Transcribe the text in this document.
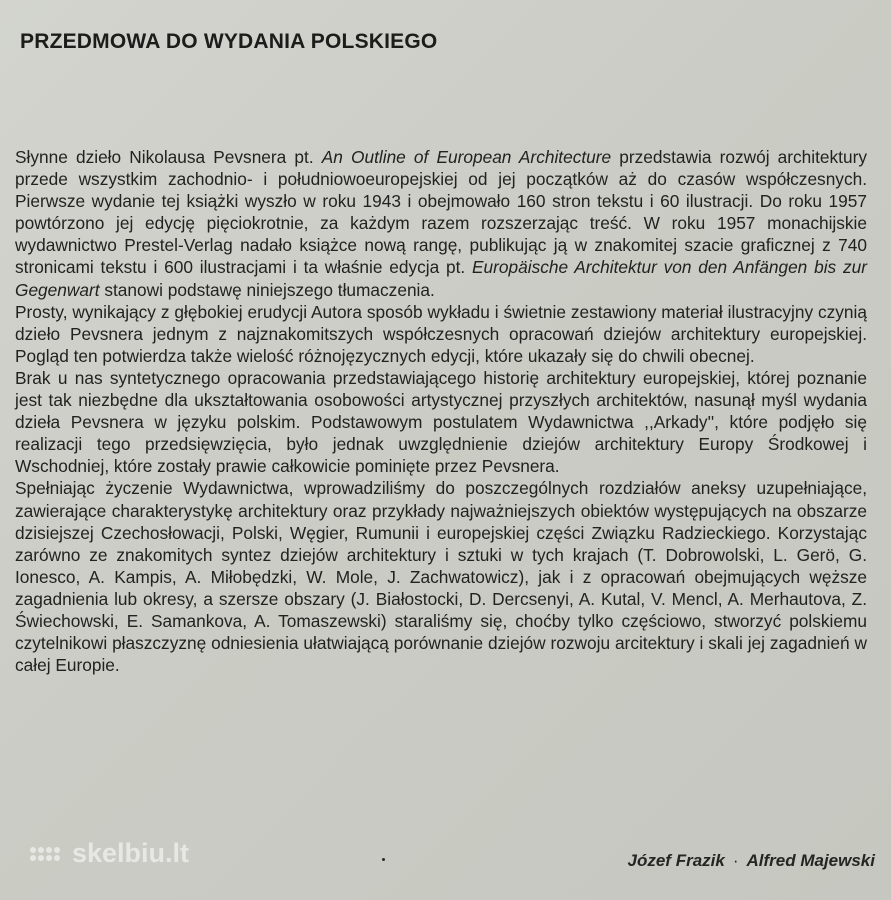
PRZEDMOWA DO WYDANIA POLSKIEGO

Słynne dzieło Nikolausa Pevsnera pt. An Outline of European Architecture przedstawia rozwój architektury przede wszystkim zachodnio- i południowoeuropejskiej od jej początków aż do czasów współczesnych. Pierwsze wydanie tej książki wyszło w roku 1943 i obejmowało 160 stron tekstu i 60 ilustracji. Do roku 1957 powtórzono jej edycję pięciokrotnie, za każdym razem rozszerzając treść. W roku 1957 monachijskie wydawnictwo Prestel-Verlag nadało książce nową rangę, publikując ją w znakomitej szacie graficznej z 740 stronicami tekstu i 600 ilustracjami i ta właśnie edycja pt. Europäische Architektur von den Anfängen bis zur Gegenwart stanowi podstawę niniejszego tłumaczenia.

Prosty, wynikający z głębokiej erudycji Autora sposób wykładu i świetnie zestawiony materiał ilustracyjny czynią dzieło Pevsnera jednym z najznakomitszych współczesnych opracowań dziejów architektury europejskiej. Pogląd ten potwierdza także wielość różnojęzycznych edycji, które ukazały się do chwili obecnej.

Brak u nas syntetycznego opracowania przedstawiającego historię architektury europejskiej, której poznanie jest tak niezbędne dla ukształtowania osobowości artystycznej przyszłych architektów, nasunął myśl wydania dzieła Pevsnera w języku polskim. Podstawowym postulatem Wydawnictwa ,,Arkady'', które podjęło się realizacji tego przedsięwzięcia, było jednak uwzględnienie dziejów architektury Europy Środkowej i Wschodniej, które zostały prawie całkowicie pominięte przez Pevsnera.

Spełniając życzenie Wydawnictwa, wprowadziliśmy do poszczególnych rozdziałów aneksy uzupełniające, zawierające charakterystykę architektury oraz przykłady najważniejszych obiektów występujących na obszarze dzisiejszej Czechosłowacji, Polski, Węgier, Rumunii i europejskiej części Związku Radzieckiego. Korzystając zarówno ze znakomitych syntez dziejów architektury i sztuki w tych krajach (T. Dobrowolski, L. Gerö, G. Ionesco, A. Kampis, A. Miłobędzki, W. Mole, J. Zachwatowicz), jak i z opracowań obejmujących węższe zagadnienia lub okresy, a szersze obszary (J. Białostocki, D. Dercsenyi, A. Kutal, V. Mencl, A. Merhautova, Z. Świechowski, E. Samankova, A. Tomaszewski) staraliśmy się, choćby tylko częściowo, stworzyć polskiemu czytelnikowi płaszczyznę odniesienia ułatwiającą porównanie dziejów rozwoju arcitektury i skali jej zagadnień w całej Europie.

Józef Frazik · Alfred Majewski
skelbiu.lt
